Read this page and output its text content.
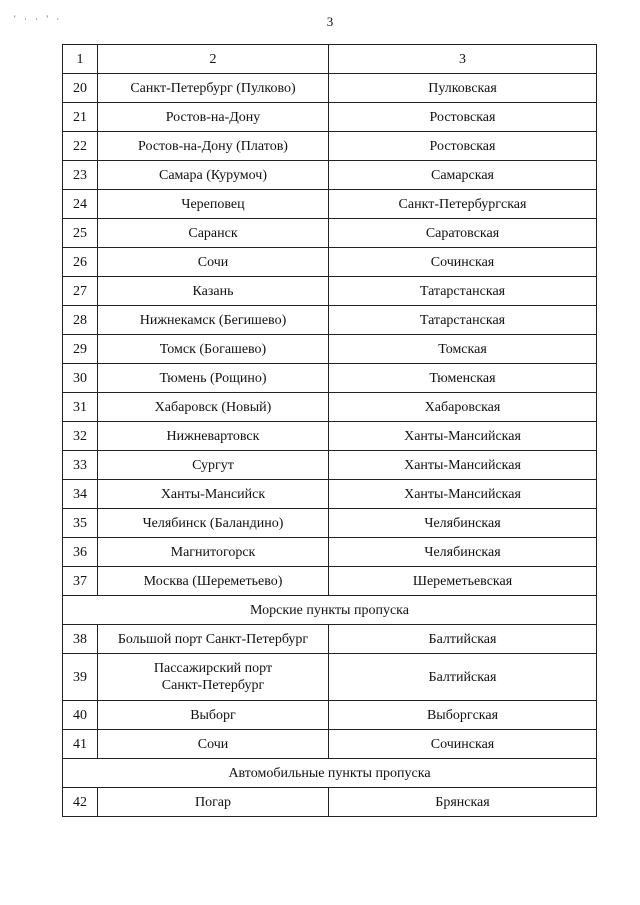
' · · ' ·	3
1	2	3
20	Санкт-Петербург (Пулково)	Пулковская
21	Ростов-на-Дону	Ростовская
22	Ростов-на-Дону (Платов)	Ростовская
23	Самара (Курумоч)	Самарская
24	Череповец	Санкт-Петербургская
25	Саранск	Саратовская
26	Сочи	Сочинская
27	Казань	Татарстанская
28	Нижнекамск (Бегишево)	Татарстанская
29	Томск (Богашево)	Томская
30	Тюмень (Рощино)	Тюменская
31	Хабаровск (Новый)	Хабаровская
32	Нижневартовск	Ханты-Мансийская
33	Сургут	Ханты-Мансийская
34	Ханты-Мансийск	Ханты-Мансийская
35	Челябинск (Баландино)	Челябинская
36	Магнитогорск	Челябинская
37	Москва (Шереметьево)	Шереметьевская
Морские пункты пропуска		
38	Большой порт Санкт-Петербург	Балтийская
39	Пассажирский порт
Санкт-Петербург	Балтийская
40	Выборг	Выборгская
41	Сочи	Сочинская
Автомобильные пункты пропуска		
42	Погар	Брянская
